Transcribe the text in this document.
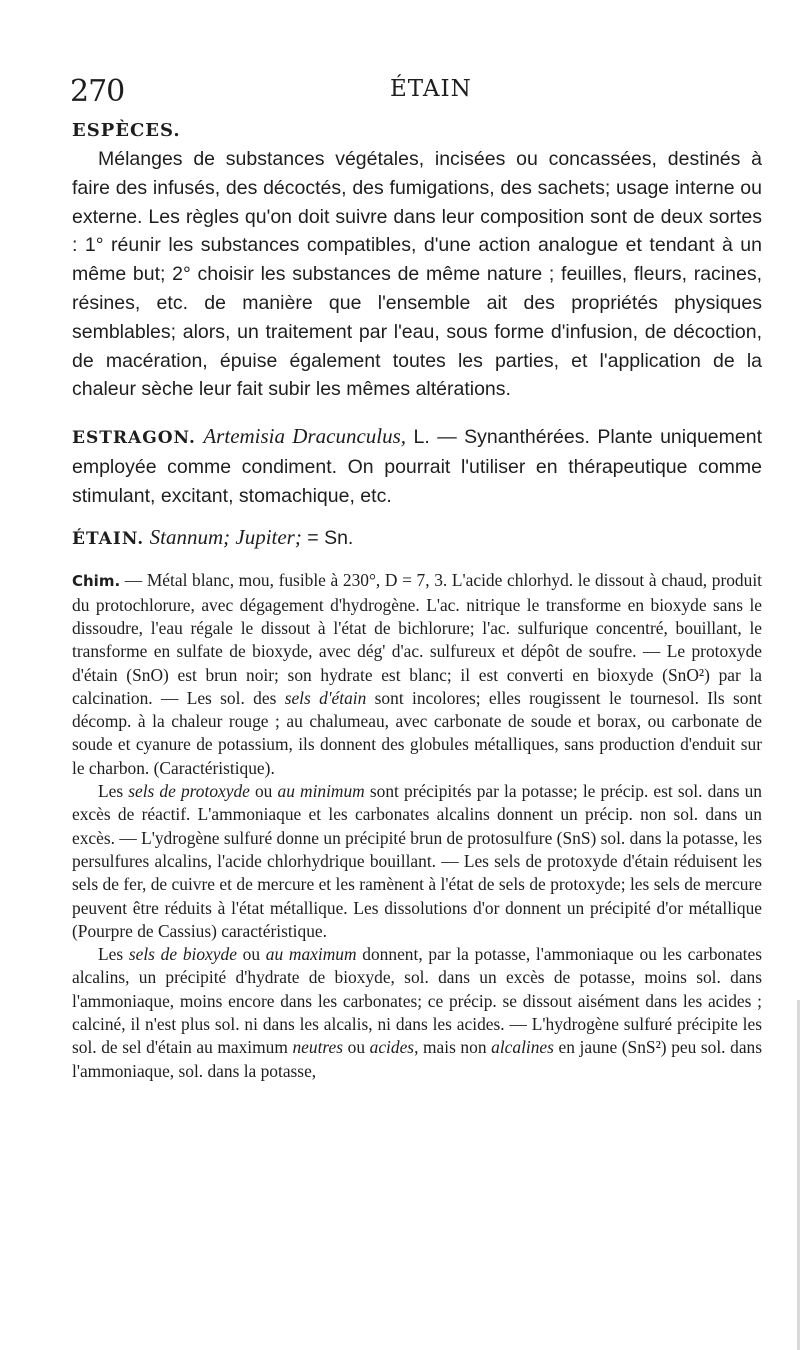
270	ÉTAIN
ESPÈCES.

Mélanges de substances végétales, incisées ou concassées, destinés à faire des infusés, des décoctés, des fumigations, des sachets; usage interne ou externe. Les règles qu'on doit suivre dans leur composition sont de deux sortes : 1° réunir les substances compatibles, d'une action analogue et tendant à un même but; 2° choisir les substances de même nature ; feuilles, fleurs, racines, résines, etc. de manière que l'ensemble ait des propriétés physiques semblables; alors, un traitement par l'eau, sous forme d'infusion, de décoction, de macération, épuise également toutes les parties, et l'application de la chaleur sèche leur fait subir les mêmes altérations.

ESTRAGON. Artemisia Dracunculus, L. — Synanthérées. Plante uniquement employée comme condiment. On pourrait l'utiliser en thérapeutique comme stimulant, excitant, stomachique, etc.
ÉTAIN. Stannum; Jupiter; = Sn.

Chim. — Métal blanc, mou, fusible à 230°, D = 7, 3. L'acide chlorhyd. le dissout à chaud, produit du protochlorure, avec dégagement d'hydrogène. L'ac. nitrique le transforme en bioxyde sans le dissoudre, l'eau régale le dissout à l'état de bichlorure; l'ac. sulfurique concentré, bouillant, le transforme en sulfate de bioxyde, avec dég' d'ac. sulfureux et dépôt de soufre. — Le protoxyde d'étain (SnO) est brun noir; son hydrate est blanc; il est converti en bioxyde (SnO²) par la calcination. — Les sol. des sels d'étain sont incolores; elles rougissent le tournesol. Ils sont décomp. à la chaleur rouge ; au chalumeau, avec carbonate de soude et borax, ou carbonate de soude et cyanure de potassium, ils donnent des globules métalliques, sans production d'enduit sur le charbon. (Caractéristique).

Les sels de protoxyde ou au minimum sont précipités par la potasse; le précip. est sol. dans un excès de réactif. L'ammoniaque et les carbonates alcalins donnent un précip. non sol. dans un excès. — L'ydrogène sulfuré donne un précipité brun de protosulfure (SnS) sol. dans la potasse, les persulfures alcalins, l'acide chlorhydrique bouillant. — Les sels de protoxyde d'étain réduisent les sels de fer, de cuivre et de mercure et les ramènent à l'état de sels de protoxyde; les sels de mercure peuvent être réduits à l'état métallique. Les dissolutions d'or donnent un précipité d'or métallique (Pourpre de Cassius) caractéristique.

Les sels de bioxyde ou au maximum donnent, par la potasse, l'ammoniaque ou les carbonates alcalins, un précipité d'hydrate de bioxyde, sol. dans un excès de potasse, moins sol. dans l'ammoniaque, moins encore dans les carbonates; ce précip. se dissout aisément dans les acides ; calciné, il n'est plus sol. ni dans les alcalis, ni dans les acides. — L'hydrogène sulfuré précipite les sol. de sel d'étain au maximum neutres ou acides, mais non alcalines en jaune (SnS²) peu sol. dans l'ammoniaque, sol. dans la potasse,
